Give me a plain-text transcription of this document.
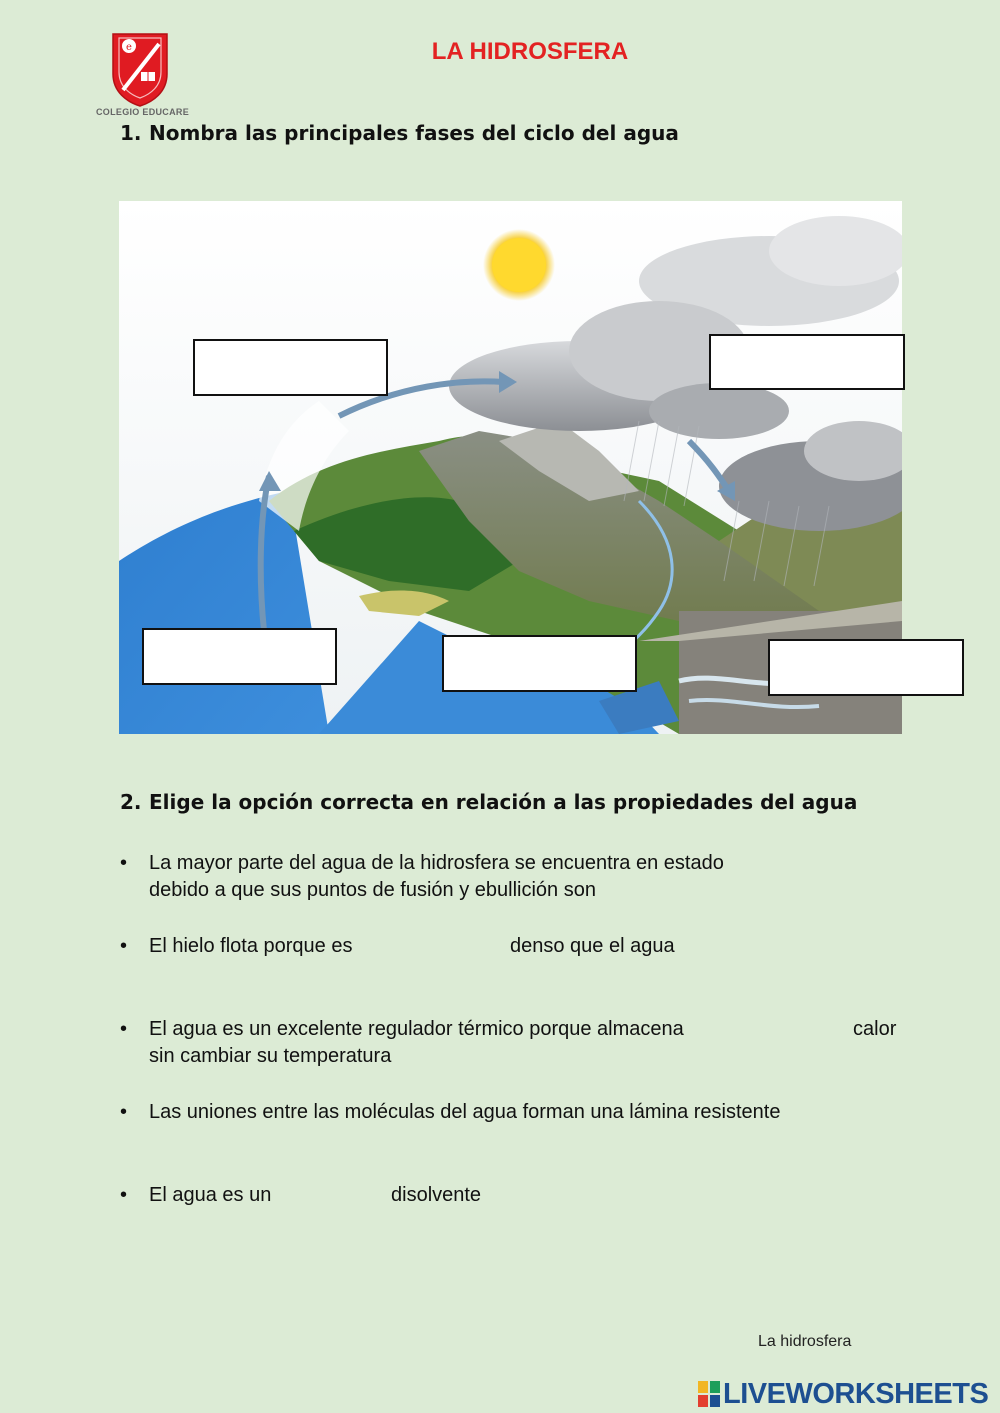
e
COLEGIO EDUCARE
LA HIDROSFERA
1. Nombra las principales fases del ciclo del agua
2. Elige la opción correcta en relación a las propiedades del agua
•	La mayor parte del agua de la hidrosfera se encuentra en estado
debido a que sus puntos de fusión y ebullición son
•	El hielo flota porque es	denso que el agua
•	El agua es un excelente regulador térmico porque almacena	calor
sin cambiar su temperatura
•	Las uniones entre las moléculas del agua forman una lámina resistente
•	El agua es un	disolvente
La hidrosfera
LIVEWORKSHEETS
